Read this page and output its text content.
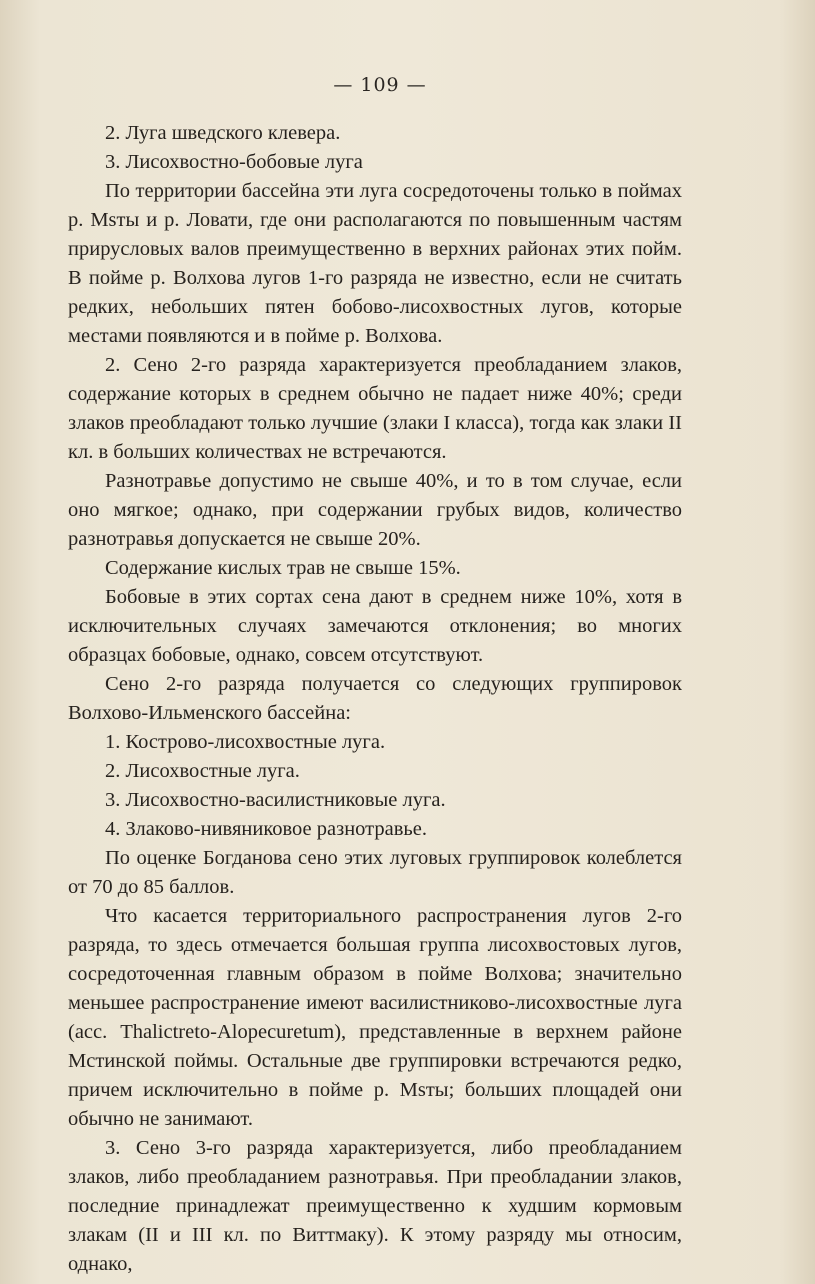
— 109 —

2. Луга шведского клевера.

3. Лисохвостно-бобовые луга

По территории бассейна эти луга сосредоточены только в поймах р. Msты и р. Ловати, где они располагаются по повышенным частям прирусловых валов преимущественно в верхних районах этих пойм. В пойме р. Волхова лугов 1-го разряда не известно, если не считать редких, небольших пятен бобово-лисохвостных лугов, которые местами появляются и в пойме р. Волхова.

2. Сено 2-го разряда характеризуется преобладанием злаков, содержание которых в среднем обычно не падает ниже 40%; среди злаков преобладают только лучшие (злаки I класса), тогда как злаки II кл. в больших количествах не встречаются.

Разнотравье допустимо не свыше 40%, и то в том случае, если оно мягкое; однако, при содержании грубых видов, количество разнотравья допускается не свыше 20%.

Содержание кислых трав не свыше 15%.

Бобовые в этих сортах сена дают в среднем ниже 10%, хотя в исключительных случаях замечаются отклонения; во многих образцах бобовые, однако, совсем отсутствуют.

Сено 2-го разряда получается со следующих группировок Волхово-Ильменского бассейна:

1. Кострово-лисохвостные луга.

2. Лисохвостные луга.

3. Лисохвостно-василистниковые луга.

4. Злаково-нивяниковое разнотравье.

По оценке Богданова сено этих луговых группировок колеблется от 70 до 85 баллов.

Что касается территориального распространения лугов 2-го разряда, то здесь отмечается большая группа лисохвостовых лугов, сосредоточенная главным образом в пойме Волхова; значительно меньшее распространение имеют василистниково-лисохвостные луга (асс. Thalictreto-Alopecuretum), представленные в верхнем районе Мстинской поймы. Остальные две группировки встречаются редко, причем исключительно в пойме р. Msты; больших площадей они обычно не занимают.

3. Сено 3-го разряда характеризуется, либо преобладанием злаков, либо преобладанием разнотравья. При преобладании злаков, последние принадлежат преимущественно к худшим кормовым злакам (II и III кл. по Виттмаку). К этому разряду мы относим, однако,
